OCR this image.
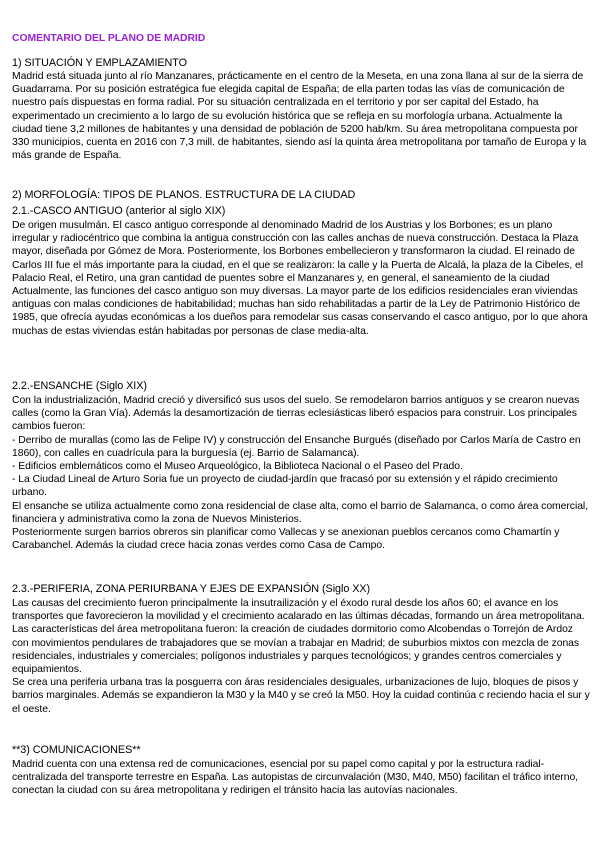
COMENTARIO DEL PLANO DE MADRID
1) SITUACIÓN Y EMPLAZAMIENTO

Madrid está situada junto al río Manzanares, prácticamente en el centro de la Meseta, en una zona llana al sur de la sierra de Guadarrama. Por su posición estratégica fue elegida capital de España; de ella parten todas las vías de comunicación de nuestro país dispuestas en forma radial. Por su situación centralizada en el territorio y por ser capital del Estado, ha experimentado un crecimiento a lo largo de su evolución histórica que se refleja en su morfología urbana. Actualmente la ciudad tiene 3,2 millones de habitantes y una densidad de población de 5200 hab/km. Su área metropolitana compuesta por 330 municipios, cuenta en 2016 con 7,3 mill. de habitantes, siendo así la quinta área metropolitana por tamaño de Europa y la más grande de España.

2) MORFOLOGÍA: TIPOS DE PLANOS. ESTRUCTURA DE LA CIUDAD
2.1.-CASCO ANTIGUO (anterior al siglo XIX)

De origen musulmán. El casco antiguo corresponde al denominado Madrid de los Austrias y los Borbones; es un plano irregular y radiocéntrico que combina la antigua construcción con las calles anchas de nueva construcción. Destaca la Plaza mayor, diseñada por Gómez de Mora. Posteriormente, los Borbones embellecieron y transformaron la ciudad. El reinado de Carlos III fue el más importante para la ciudad, en el que se realizaron: la calle y la Puerta de Alcalá, la plaza de la Cibeles, el Palacio Real, el Retiro, una gran cantidad de puentes sobre el Manzanares y, en general, el saneamiento de la ciudad

Actualmente, las funciones del casco antiguo son muy diversas. La mayor parte de los edificios residenciales eran viviendas antiguas con malas condiciones de habitabilidad; muchas han sido rehabilitadas a partir de la Ley de Patrimonio Histórico de 1985, que ofrecía ayudas económicas a los dueños para remodelar sus casas conservando el casco antiguo, por lo que ahora muchas de estas viviendas están habitadas por personas de clase media-alta.

2.2.-ENSANCHE (Siglo XIX)

Con la industrialización, Madrid creció y diversificó sus usos del suelo. Se remodelaron barrios antiguos y se crearon nuevas calles (como la Gran Vía). Además la desamortización de tierras eclesiásticas liberó espacios para construir. Los principales cambios fueron:

- Derribo de murallas (como las de Felipe IV) y construcción del Ensanche Burgués (diseñado por Carlos María de Castro en 1860), con calles en cuadrícula para la burguesía (ej. Barrio de Salamanca).

- Edificios emblemáticos como el Museo Arqueológico, la Biblioteca Nacional o el Paseo del Prado.

- La Ciudad Lineal de Arturo Soria fue un proyecto de ciudad-jardín que fracasó por su extensión y el rápido crecimiento urbano.

El ensanche se utiliza actualmente como zona residencial de clase alta, como el barrio de Salamanca, o como área comercial, financiera y administrativa como la zona de Nuevos Ministerios.

Posteriormente surgen barrios obreros sin planificar como Vallecas y se anexionan pueblos cercanos como Chamartín y Carabanchel. Además la ciudad crece hacia zonas verdes como Casa de Campo.

2.3.-PERIFERIA, ZONA PERIURBANA Y EJES DE EXPANSIÓN (Siglo XX)

Las causas del crecimiento fueron principalmente la insutrailización y el éxodo rural desde los años 60; el avance en los transportes que favorecieron la movilidad y el crecimiento acalarado en las últimas décadas, formando un área metropolitana. Las características del área metropolitana fueron: la creación de ciudades dormitorio como Alcobendas o Torrejón de Ardoz con movimientos pendulares de trabajadores que se movían a trabajar en Madrid; de suburbios mixtos con mezcla de zonas residenciales, industriales y comerciales; polígonos industriales y parques tecnológicos; y grandes centros comerciales y equipamientos.

Se crea una periferia urbana tras la posguerra con áras residenciales desiguales, urbanizaciones de lujo, bloques de pisos y barrios marginales. Además se expandieron la M30 y la M40 y se creó la M50. Hoy la cuidad continúa c reciendo hacia el sur y el oeste.

**3) COMUNICACIONES**

Madrid cuenta con una extensa red de comunicaciones, esencial por su papel como capital y por la estructura radial-centralizada del transporte terrestre en España. Las autopistas de circunvalación (M30, M40, M50) facilitan el tráfico interno, conectan la ciudad con su área metropolitana y redirigen el tránsito hacia las autovías nacionales.
